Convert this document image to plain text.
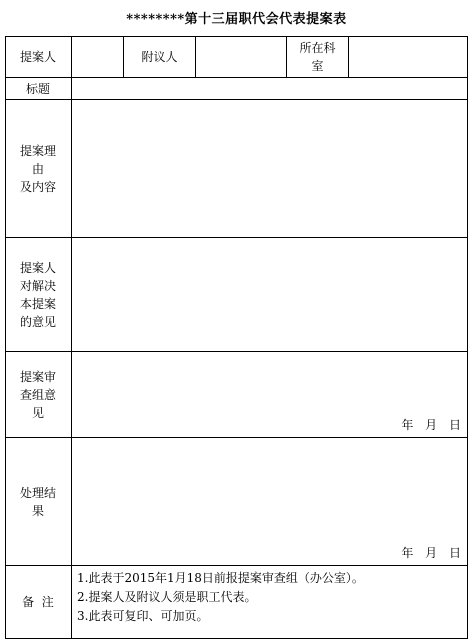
********第十三届职代会代表提案表
提案人	附议人
所在科
室
标题
提案理
由
及内容
提案人
对解决
本提案
的意见
提案审
查组意
见
年 月 日
处理结
果
年 月 日
备  注
1.此表于2015年1月18日前报提案审查组（办公室）。
2.提案人及附议人须是职工代表。
3.此表可复印、可加页。
